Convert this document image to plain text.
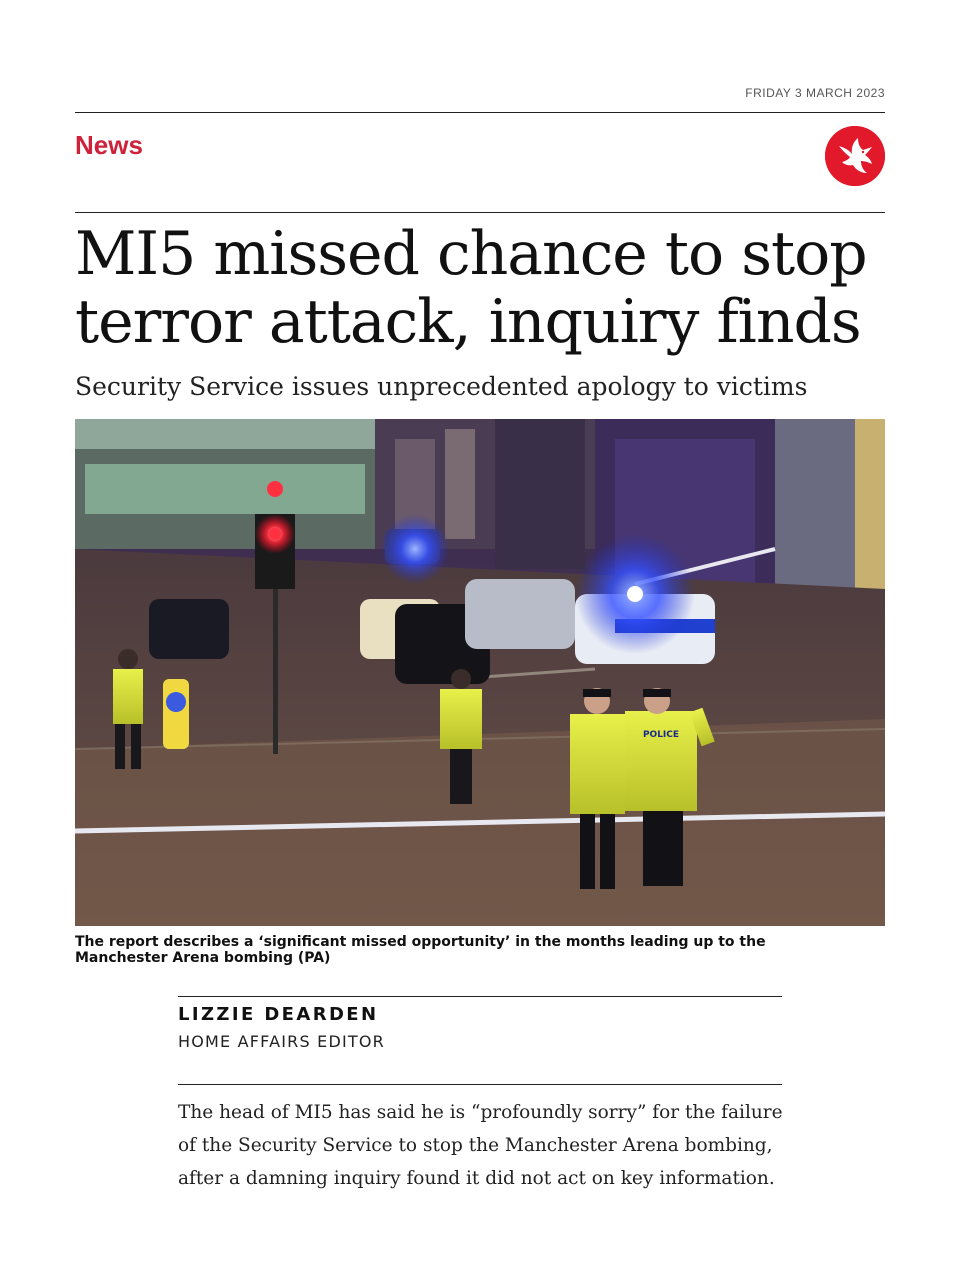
FRIDAY 3 MARCH 2023
News
MI5 missed chance to stop terror attack, inquiry finds

Security Service issues unprecedented apology to victims

POLICE
The report describes a ‘significant missed opportunity’ in the months leading up to the Manchester Arena bombing (PA)
LIZZIE DEARDEN
HOME AFFAIRS EDITOR

The head of MI5 has said he is “profoundly sorry” for the failure of the Security Service to stop the Manchester Arena bombing, after a damning inquiry found it did not act on key information.
